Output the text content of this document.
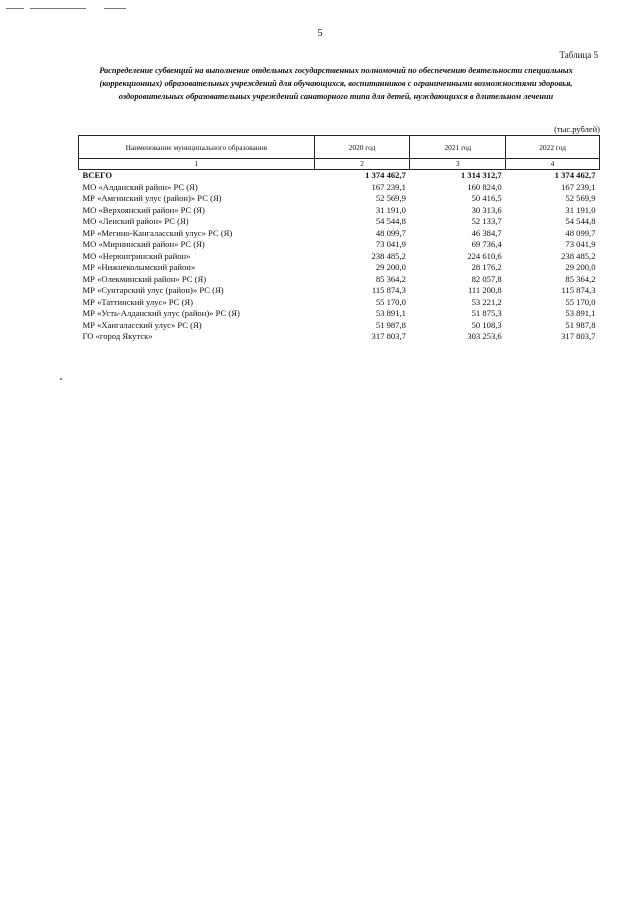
5
Таблица 5
Распределение субвенций на выполнение отдельных государственных полномочий по обеспечению деятельности специальных (коррекционных) образовательных учреждений для обучающихся, воспитанников с ограниченными возможностями здоровья, оздоровительных образовательных учреждений санаторного типа для детей, нуждающихся в длительном лечении
(тыс.рублей)
Наименование муниципального образования	2020 год	2021 год	2022 год
1	2	3	4
ВСЕГО	1 374 462,7	1 314 312,7	1 374 462,7
МО «Алданский район» РС (Я)	167 239,1	160 824,0	167 239,1
МР «Амгинский улус (район)» РС (Я)	52 569,9	50 416,5	52 569,9
МО «Верхоянский район» РС (Я)	31 191,0	30 313,6	31 191,0
МО «Ленский район» РС (Я)	54 544,8	52 133,7	54 544,8
МР «Мегино-Кангаласский улус» РС (Я)	48 099,7	46 384,7	48 099,7
МО «Мирнинский район» РС (Я)	73 041,9	69 736,4	73 041,9
МО «Нерюнгринский район»	238 485,2	224 610,6	238 485,2
МР «Нижнеколымский район»	29 200,0	28 176,2	29 200,0
МР «Олекминский район» РС (Я)	85 364,2	82 057,8	85 364,2
МР «Сунтарский улус (район)» РС (Я)	115 874,3	111 200,8	115 874,3
МР «Таттинский улус» РС (Я)	55 170,0	53 221,2	55 170,0
МР «Усть-Алданский улус (район)» РС (Я)	53 891,1	51 875,3	53 891,1
МР «Хангаласский улус» РС (Я)	51 987,8	50 108,3	51 987,8
ГО «город Якутск»	317 803,7	303 253,6	317 803,7
